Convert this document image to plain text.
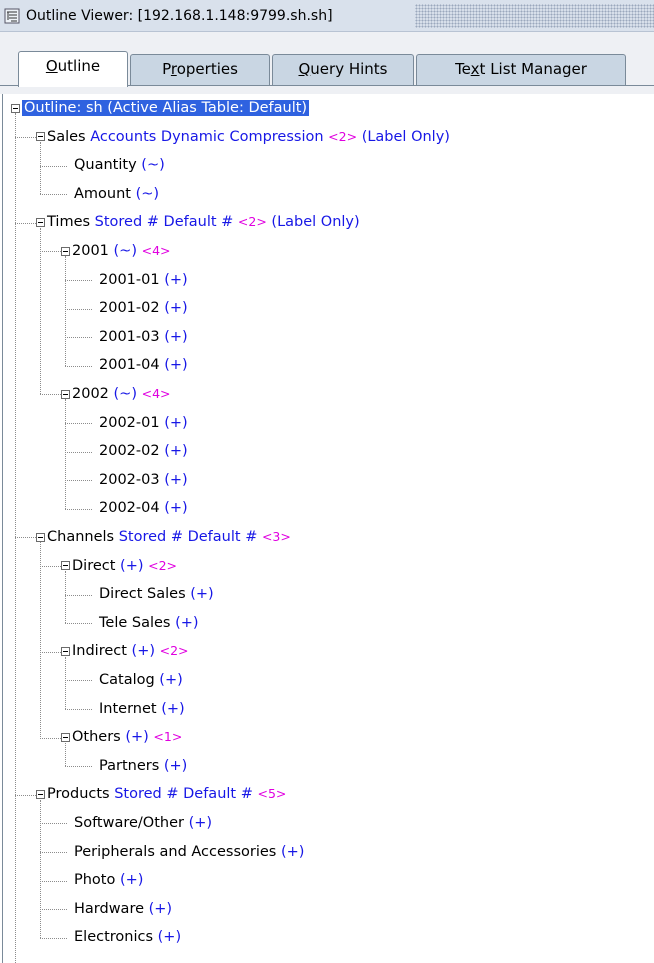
Outline Viewer: [192.168.1.148:9799.sh.sh]
Outline	Properties	Query Hints	Text List Manager
Outline: sh (Active Alias Table: Default)
Sales Accounts Dynamic Compression <2> (Label Only)
Quantity (~)
Amount (~)
Times Stored # Default # <2> (Label Only)
2001 (~) <4>
2001-01 (+)
2001-02 (+)
2001-03 (+)
2001-04 (+)
2002 (~) <4>
2002-01 (+)
2002-02 (+)
2002-03 (+)
2002-04 (+)
Channels Stored # Default # <3>
Direct (+) <2>
Direct Sales (+)
Tele Sales (+)
Indirect (+) <2>
Catalog (+)
Internet (+)
Others (+) <1>
Partners (+)
Products Stored # Default # <5>
Software/Other (+)
Peripherals and Accessories (+)
Photo (+)
Hardware (+)
Electronics (+)
